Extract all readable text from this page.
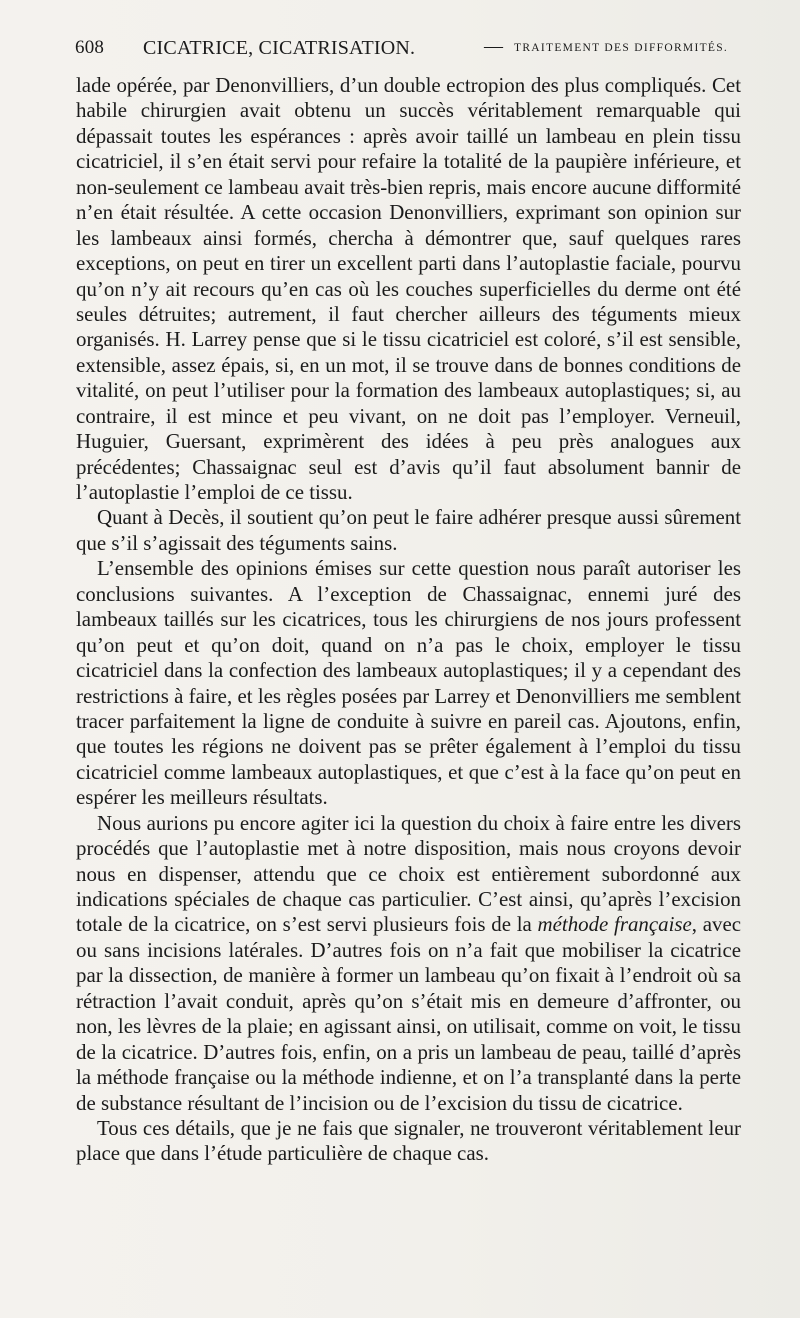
608 CICATRICE, CICATRISATION.	— TRAITEMENT DES DIFFORMITÉS.

lade opérée, par Denonvilliers, d’un double ectropion des plus compliqués. Cet habile chirurgien avait obtenu un succès véritablement remarquable qui dépassait toutes les espérances : après avoir taillé un lambeau en plein tissu cicatriciel, il s’en était servi pour refaire la totalité de la paupière inférieure, et non-seulement ce lambeau avait très-bien repris, mais encore aucune difformité n’en était résultée. A cette occasion Denonvilliers, exprimant son opinion sur les lambeaux ainsi formés, chercha à démontrer que, sauf quelques rares exceptions, on peut en tirer un excellent parti dans l’autoplastie faciale, pourvu qu’on n’y ait recours qu’en cas où les couches superficielles du derme ont été seules détruites; autrement, il faut chercher ailleurs des téguments mieux organisés. H. Larrey pense que si le tissu cicatriciel est coloré, s’il est sensible, extensible, assez épais, si, en un mot, il se trouve dans de bonnes conditions de vitalité, on peut l’utiliser pour la formation des lambeaux autoplastiques; si, au contraire, il est mince et peu vivant, on ne doit pas l’employer. Verneuil, Huguier, Guersant, exprimèrent des idées à peu près analogues aux précédentes; Chassaignac seul est d’avis qu’il faut absolument bannir de l’autoplastie l’emploi de ce tissu.

Quant à Decès, il soutient qu’on peut le faire adhérer presque aussi sûrement que s’il s’agissait des téguments sains.

L’ensemble des opinions émises sur cette question nous paraît autoriser les conclusions suivantes. A l’exception de Chassaignac, ennemi juré des lambeaux taillés sur les cicatrices, tous les chirurgiens de nos jours professent qu’on peut et qu’on doit, quand on n’a pas le choix, employer le tissu cicatriciel dans la confection des lambeaux autoplastiques; il y a cependant des restrictions à faire, et les règles posées par Larrey et Denonvilliers me semblent tracer parfaitement la ligne de conduite à suivre en pareil cas. Ajoutons, enfin, que toutes les régions ne doivent pas se prêter également à l’emploi du tissu cicatriciel comme lambeaux autoplastiques, et que c’est à la face qu’on peut en espérer les meilleurs résultats.

Nous aurions pu encore agiter ici la question du choix à faire entre les divers procédés que l’autoplastie met à notre disposition, mais nous croyons devoir nous en dispenser, attendu que ce choix est entièrement subordonné aux indications spéciales de chaque cas particulier. C’est ainsi, qu’après l’excision totale de la cicatrice, on s’est servi plusieurs fois de la méthode française, avec ou sans incisions latérales. D’autres fois on n’a fait que mobiliser la cicatrice par la dissection, de manière à former un lambeau qu’on fixait à l’endroit où sa rétraction l’avait conduit, après qu’on s’était mis en demeure d’affronter, ou non, les lèvres de la plaie; en agissant ainsi, on utilisait, comme on voit, le tissu de la cicatrice. D’autres fois, enfin, on a pris un lambeau de peau, taillé d’après la méthode française ou la méthode indienne, et on l’a transplanté dans la perte de substance résultant de l’incision ou de l’excision du tissu de cicatrice.

Tous ces détails, que je ne fais que signaler, ne trouveront véritablement leur place que dans l’étude particulière de chaque cas.
